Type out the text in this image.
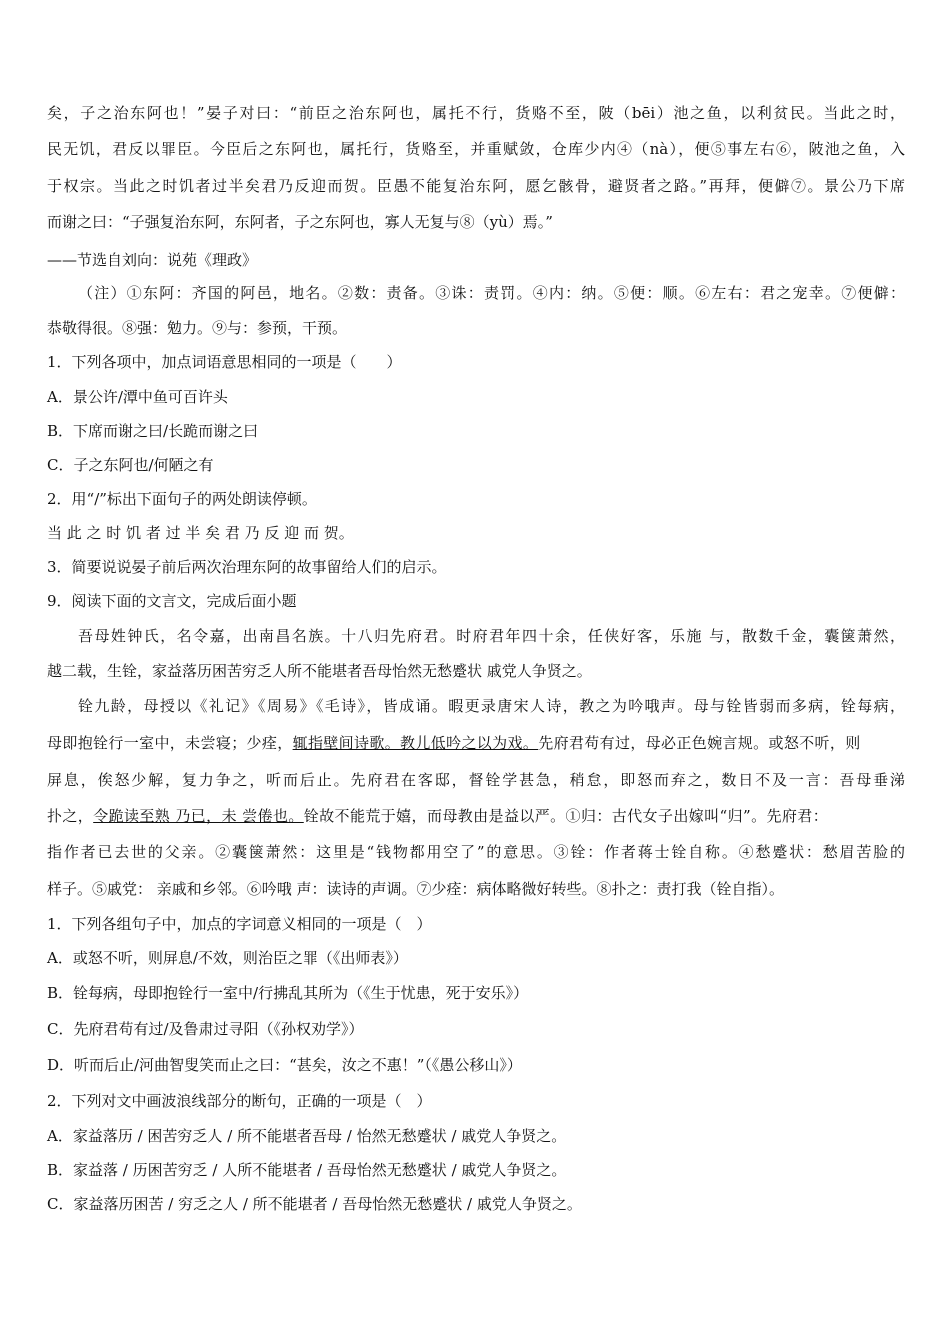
矣，子之治东阿也！”晏子对曰：“前臣之治东阿也，属托不行，货赂不至，陂（bēi）池之鱼，以利贫民。当此之时，
民无饥，君反以罪臣。今臣后之东阿也，属托行，货赂至，并重赋敛，仓库少内④（nà），便⑤事左右⑥，陂池之鱼，入
于权宗。当此之时饥者过半矣君乃反迎而贺。臣愚不能复治东阿，愿乞骸骨，避贤者之路。”再拜，便僻⑦。景公乃下席
而谢之曰：“子强复治东阿，东阿者，子之东阿也，寡人无复与⑧（yù）焉。”
——节选自刘向：说苑《理政》
（注）①东阿：齐国的阿邑，地名。②数：责备。③诛：责罚。④内：纳。⑤便：顺。⑥左右：君之宠幸。⑦便僻：
恭敬得很。⑧强：勉力。⑨与：参预，干预。
1．下列各项中，加点词语意思相同的一项是（　　）
A．景公许/潭中鱼可百许头
B．下席而谢之曰/长跪而谢之曰
C．子之东阿也/何陋之有
2．用“/”标出下面句子的两处朗读停顿。
当 此 之 时 饥 者 过 半 矣 君 乃 反 迎 而 贺。
3．简要说说晏子前后两次治理东阿的故事留给人们的启示。
9．阅读下面的文言文，完成后面小题
吾母姓钟氏，名令嘉，出南昌名族。十八归先府君。时府君年四十余，任侠好客，乐施 与，散数千金，囊箧萧然，
越二载，生铨，家益落历困苦穷乏人所不能堪者吾母怡然无愁蹙状 戚党人争贤之。
铨九龄，母授以《礼记》《周易》《毛诗》，皆成诵。暇更录唐宋人诗，教之为吟哦声。母与铨皆弱而多病，铨每病，
母即抱铨行一室中，未尝寝；少痊，辄指壁间诗歌。教儿低吟之以为戏。先府君苟有过，母必正色婉言规。或怒不听，则
屏息，俟怒少解，复力争之，听而后止。先府君在客邸，督铨学甚急，稍怠，即怒而弃之，数日不及一言：吾母垂涕
扑之，令跪读至熟 乃已，未 尝倦也。铨故不能荒于嬉，而母教由是益以严。①归：古代女子出嫁叫“归”。先府君：
指作者已去世的父亲。②囊箧萧然：这里是“钱物都用空了”的意思。③铨：作者蒋士铨自称。④愁蹙状：愁眉苦脸的
样子。⑤戚党： 亲戚和乡邻。⑥吟哦 声：读诗的声调。⑦少痊：病体略微好转些。⑧扑之：责打我（铨自指）。
1．下列各组句子中，加点的字词意义相同的一项是（　）
A．或怒不听，则屏息/不效，则治臣之罪（《出师表》）
B．铨每病，母即抱铨行一室中/行拂乱其所为（《生于忧患，死于安乐》）
C．先府君苟有过/及鲁肃过寻阳（《孙权劝学》）
D．听而后止/河曲智叟笑而止之曰：“甚矣，汝之不惠！”（《愚公移山》）
2．下列对文中画波浪线部分的断句，正确的一项是（　）
A．家益落历 / 困苦穷乏人 / 所不能堪者吾母 / 怡然无愁蹙状 / 戚党人争贤之。
B．家益落 / 历困苦穷乏 / 人所不能堪者 / 吾母怡然无愁蹙状 / 戚党人争贤之。
C．家益落历困苦 / 穷乏之人 / 所不能堪者 / 吾母怡然无愁蹙状 / 戚党人争贤之。
